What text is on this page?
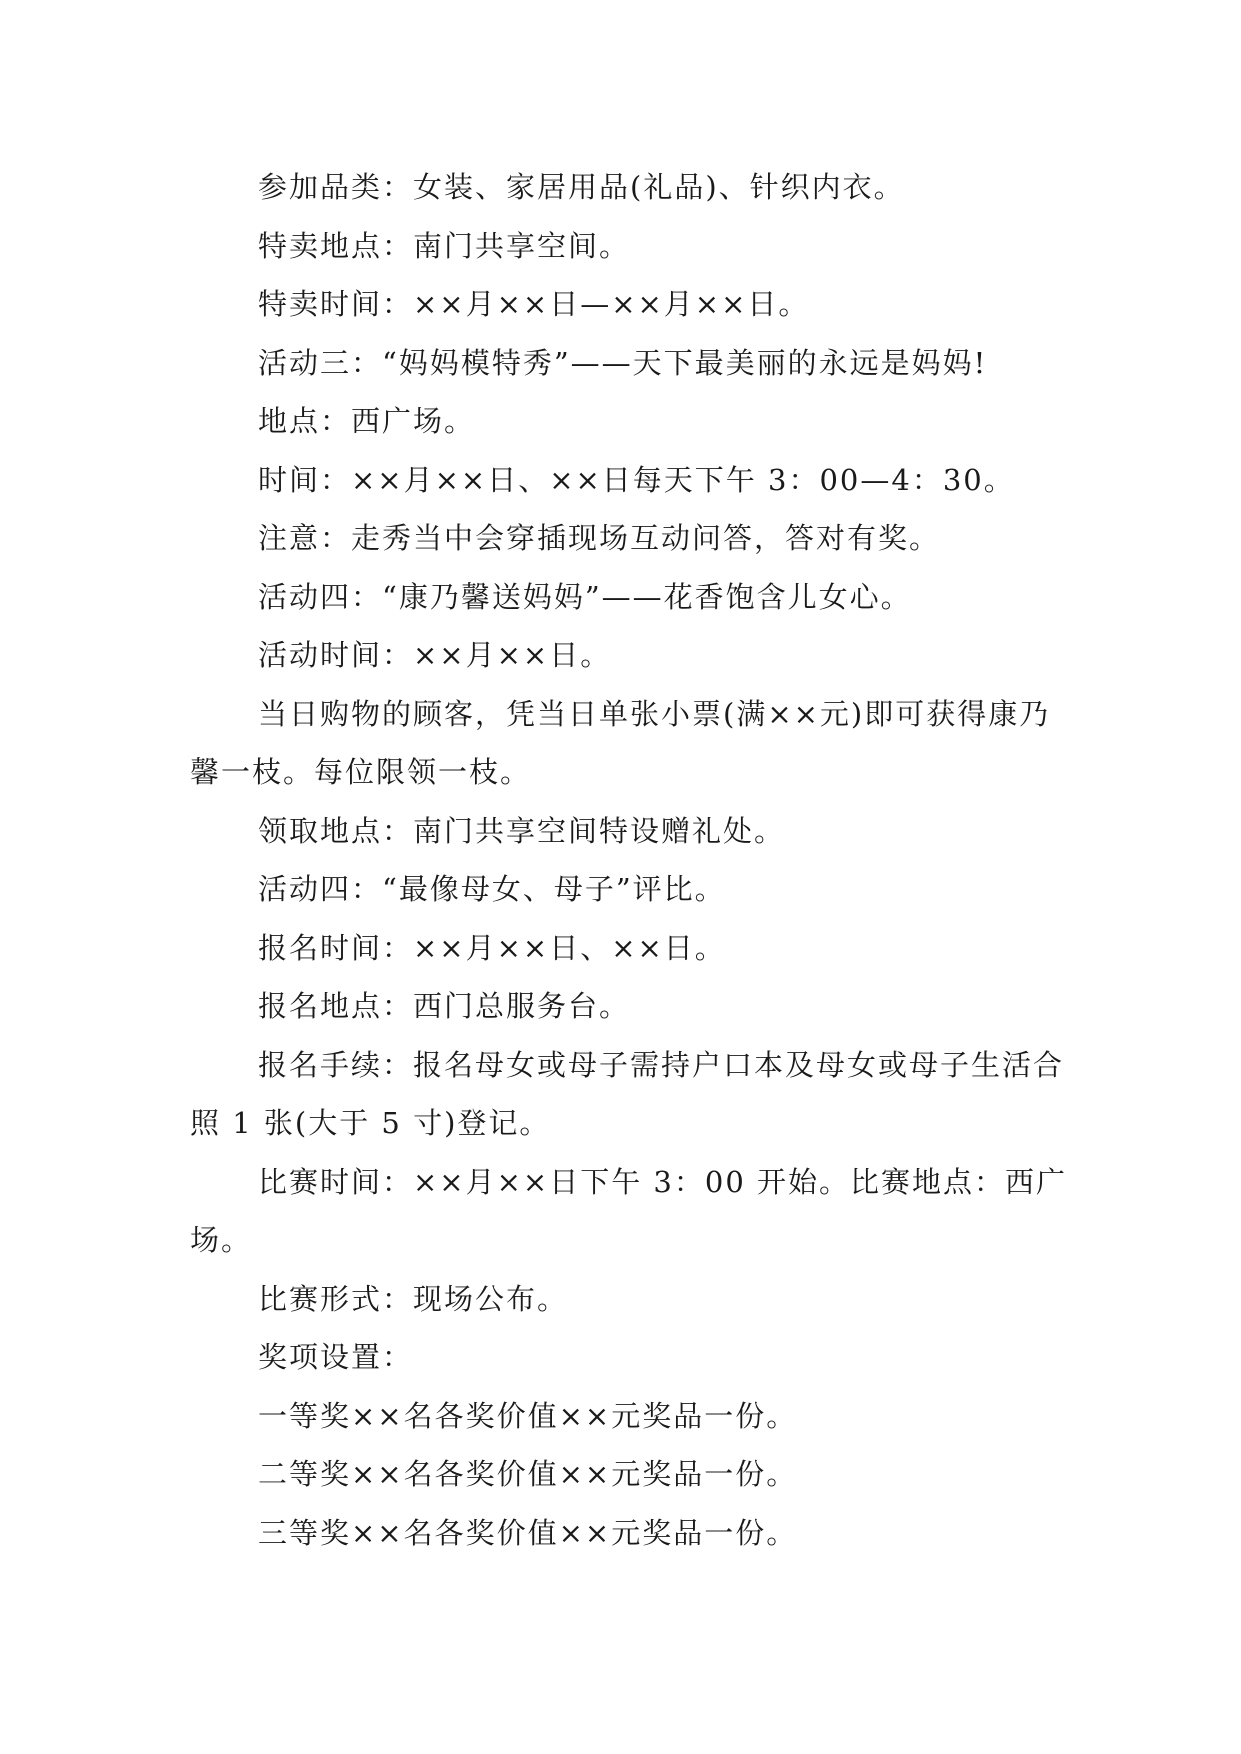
参加品类：女装、家居用品(礼品)、针织内衣。

特卖地点：南门共享空间。

特卖时间：××月××日—××月××日。

活动三：“妈妈模特秀”——天下最美丽的永远是妈妈!

地点：西广场。

时间：××月××日、××日每天下午 3：00—4：30。

注意：走秀当中会穿插现场互动问答，答对有奖。

活动四：“康乃馨送妈妈”——花香饱含儿女心。

活动时间：××月××日。

当日购物的顾客，凭当日单张小票(满××元)即可获得康乃馨一枝。每位限领一枝。

领取地点：南门共享空间特设赠礼处。

活动四：“最像母女、母子”评比。

报名时间：××月××日、××日。

报名地点：西门总服务台。

报名手续：报名母女或母子需持户口本及母女或母子生活合照 1 张(大于 5 寸)登记。

比赛时间：××月××日下午 3：00 开始。比赛地点：西广场。

比赛形式：现场公布。

奖项设置：

一等奖××名各奖价值××元奖品一份。

二等奖××名各奖价值××元奖品一份。

三等奖××名各奖价值××元奖品一份。
